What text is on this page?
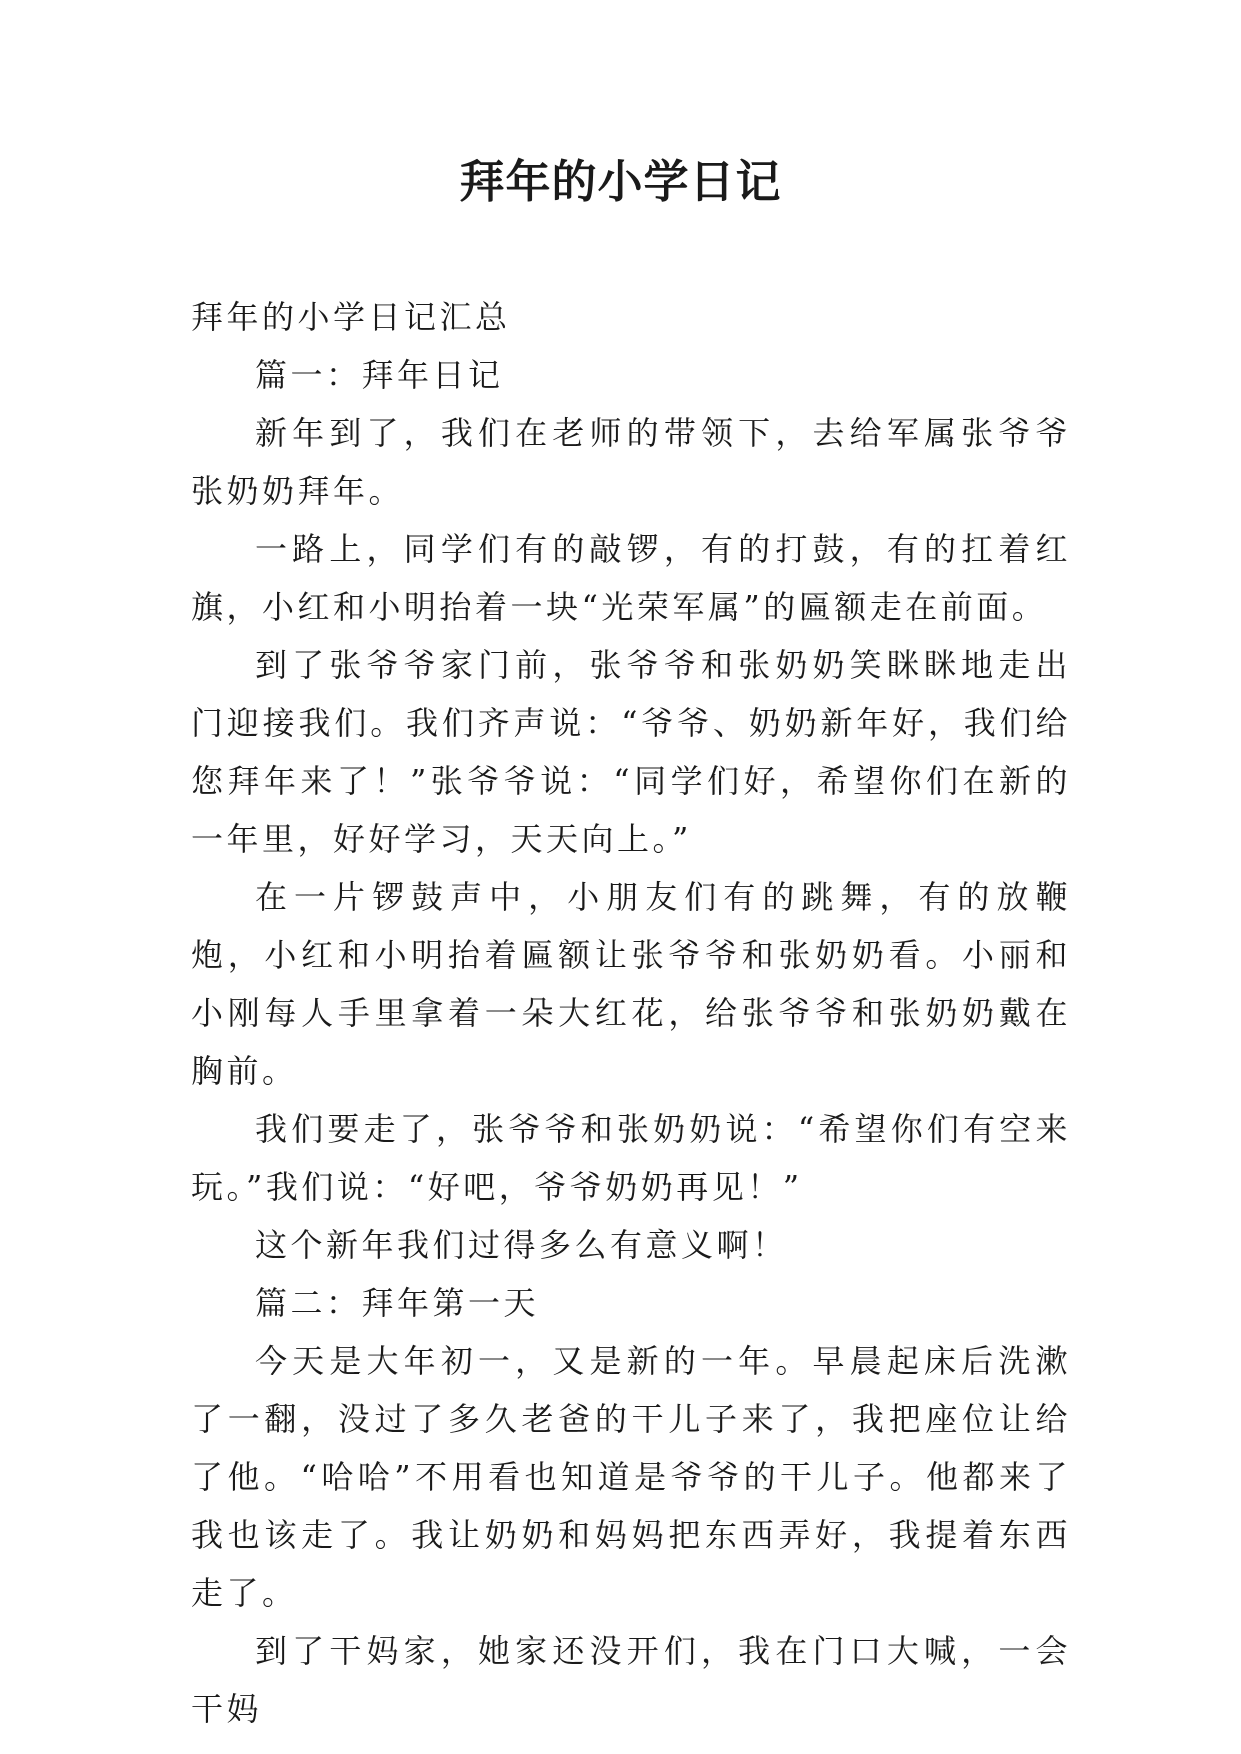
拜年的小学日记

拜年的小学日记汇总

篇一：拜年日记

新年到了，我们在老师的带领下，去给军属张爷爷张奶奶拜年。

一路上，同学们有的敲锣，有的打鼓，有的扛着红旗，小红和小明抬着一块“光荣军属”的匾额走在前面。

到了张爷爷家门前，张爷爷和张奶奶笑眯眯地走出门迎接我们。我们齐声说：“爷爷、奶奶新年好，我们给您拜年来了！”张爷爷说：“同学们好，希望你们在新的一年里，好好学习，天天向上。”

在一片锣鼓声中，小朋友们有的跳舞，有的放鞭炮，小红和小明抬着匾额让张爷爷和张奶奶看。小丽和小刚每人手里拿着一朵大红花，给张爷爷和张奶奶戴在胸前。

我们要走了，张爷爷和张奶奶说：“希望你们有空来玩。”我们说：“好吧，爷爷奶奶再见！”

这个新年我们过得多么有意义啊！

篇二：拜年第一天

今天是大年初一，又是新的一年。早晨起床后洗漱了一翻，没过了多久老爸的干儿子来了，我把座位让给了他。“哈哈”不用看也知道是爷爷的干儿子。他都来了我也该走了。我让奶奶和妈妈把东西弄好，我提着东西走了。

到了干妈家，她家还没开们，我在门口大喊，一会干妈
